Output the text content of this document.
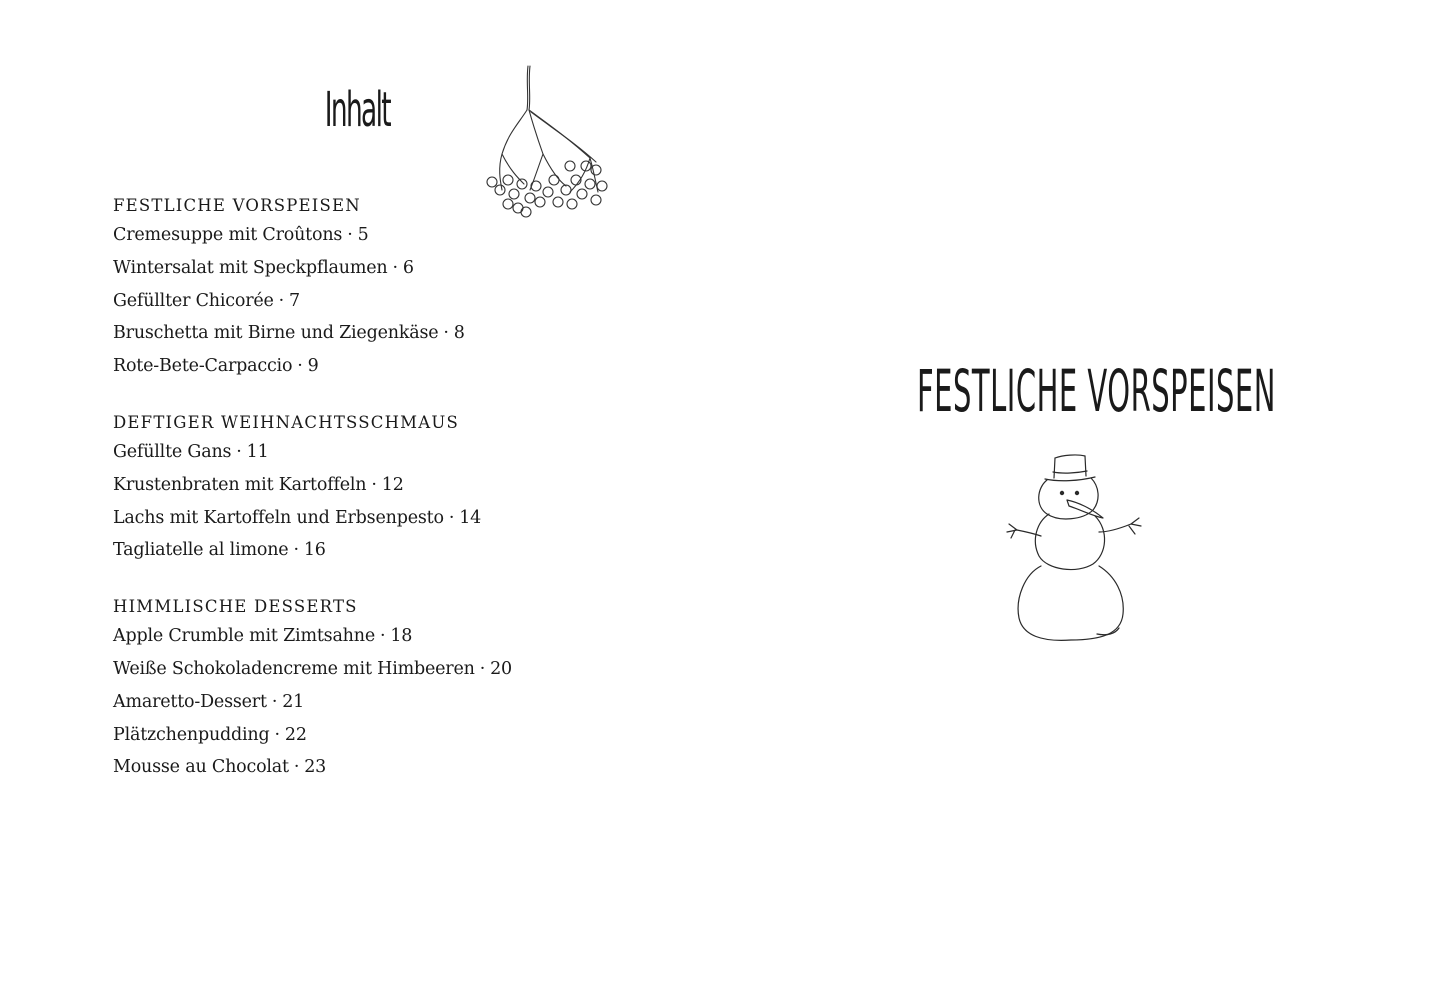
Inhalt
FESTLICHE VORSPEISEN
Cremesuppe mit Croûtons · 5
Wintersalat mit Speckpflaumen · 6
Gefüllter Chicorée · 7
Bruschetta mit Birne und Ziegenkäse · 8
Rote-Bete-Carpaccio · 9
DEFTIGER WEIHNACHTSSCHMAUS
Gefüllte Gans · 11
Krustenbraten mit Kartoffeln · 12
Lachs mit Kartoffeln und Erbsenpesto · 14
Tagliatelle al limone · 16
HIMMLISCHE DESSERTS
Apple Crumble mit Zimtsahne · 18
Weiße Schokoladencreme mit Himbeeren · 20
Amaretto-Dessert · 21
Plätzchenpudding · 22
Mousse au Chocolat · 23
FESTLICHE VORSPEISEN
